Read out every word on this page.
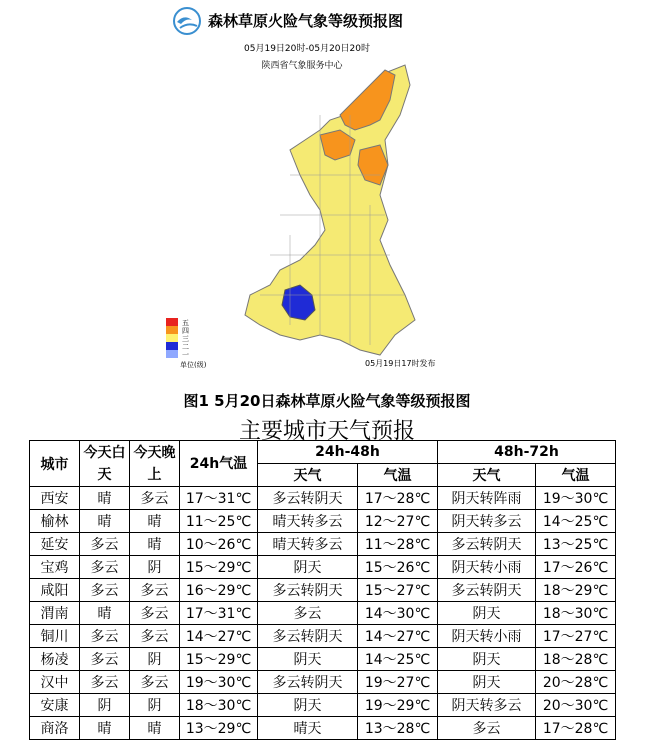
森林草原火险气象等级预报图
05月19日20时-05月20日20时
陕西省气象服务中心
五
四
三
二
一
单位(级)	05月19日17时发布
图1 5月20日森林草原火险气象等级预报图
主要城市天气预报
城市	今天白天	今天晚上	24h气温	24h-48h		48h-72h	
				天气	气温	天气	气温
西安	晴	多云	17～31℃	多云转阴天	17～28℃	阴天转阵雨	19～30℃
榆林	晴	晴	11～25℃	晴天转多云	12～27℃	阴天转多云	14～25℃
延安	多云	晴	10～26℃	晴天转多云	11～28℃	多云转阴天	13～25℃
宝鸡	多云	阴	15～29℃	阴天	15～26℃	阴天转小雨	17～26℃
咸阳	多云	多云	16～29℃	多云转阴天	15～27℃	多云转阴天	18～29℃
渭南	晴	多云	17～31℃	多云	14～30℃	阴天	18～30℃
铜川	多云	多云	14～27℃	多云转阴天	14～27℃	阴天转小雨	17～27℃
杨凌	多云	阴	15～29℃	阴天	14～25℃	阴天	18～28℃
汉中	多云	多云	19～30℃	多云转阴天	19～27℃	阴天	20～28℃
安康	阴	阴	18～30℃	阴天	19～29℃	阴天转多云	20～30℃
商洛	晴	晴	13～29℃	晴天	13～28℃	多云	17～28℃
